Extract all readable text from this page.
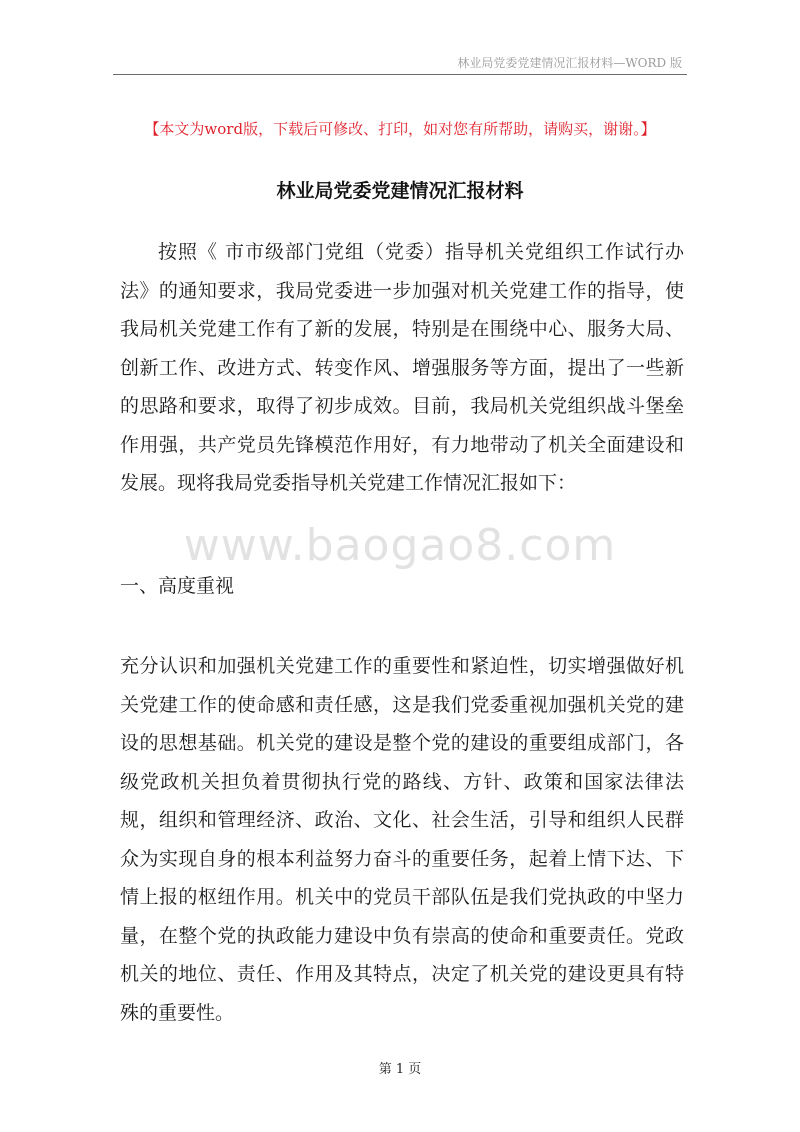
林业局党委党建情况汇报材料—WORD 版
【本文为word版，下载后可修改、打印，如对您有所帮助，请购买，谢谢。】
林业局党委党建情况汇报材料
按照《 市市级部门党组（党委）指导机关党组织工作试行办法》的通知要求，我局党委进一步加强对机关党建工作的指导，使我局机关党建工作有了新的发展，特别是在围绕中心、服务大局、创新工作、改进方式、转变作风、增强服务等方面，提出了一些新的思路和要求，取得了初步成效。目前，我局机关党组织战斗堡垒作用强，共产党员先锋模范作用好，有力地带动了机关全面建设和发展。现将我局党委指导机关党建工作情况汇报如下：
www.baogao8.com
一、高度重视
充分认识和加强机关党建工作的重要性和紧迫性，切实增强做好机关党建工作的使命感和责任感，这是我们党委重视加强机关党的建设的思想基础。机关党的建设是整个党的建设的重要组成部门，各级党政机关担负着贯彻执行党的路线、方针、政策和国家法律法规，组织和管理经济、政治、文化、社会生活，引导和组织人民群众为实现自身的根本利益努力奋斗的重要任务，起着上情下达、下情上报的枢纽作用。机关中的党员干部队伍是我们党执政的中坚力量，在整个党的执政能力建设中负有崇高的使命和重要责任。党政机关的地位、责任、作用及其特点，决定了机关党的建设更具有特殊的重要性。
第 1 页
